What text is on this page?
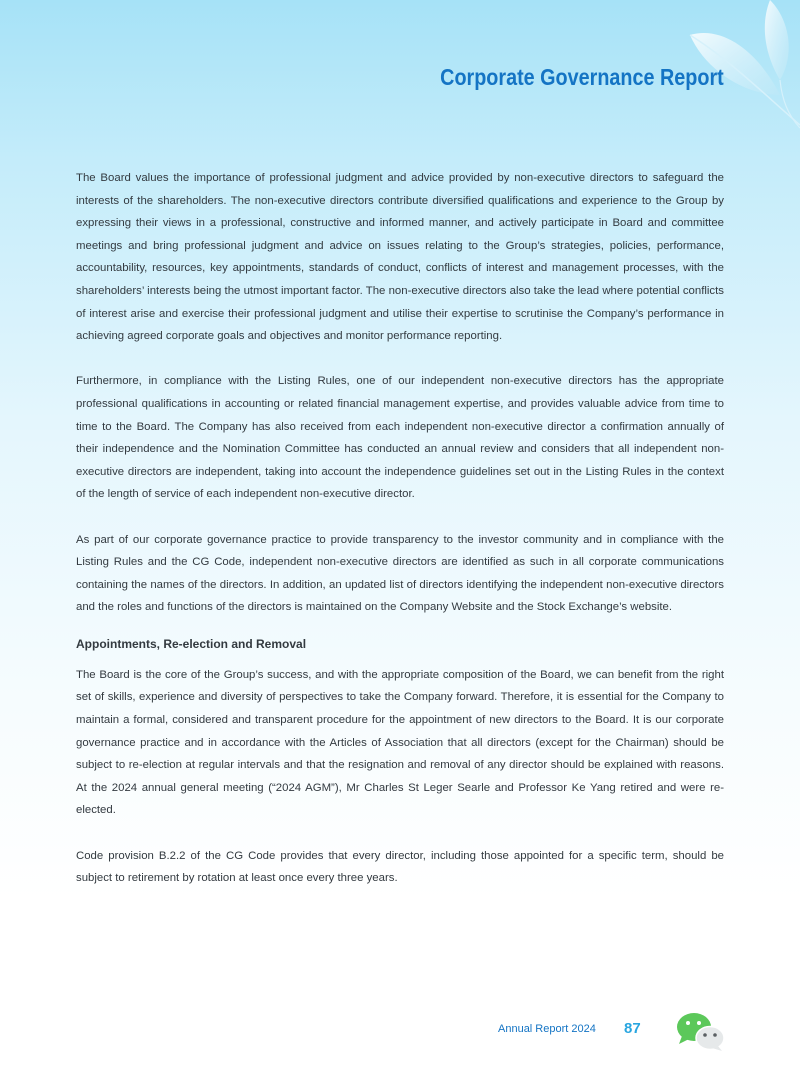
Corporate Governance Report

The Board values the importance of professional judgment and advice provided by non-executive directors to safeguard the interests of the shareholders. The non-executive directors contribute diversified qualifications and experience to the Group by expressing their views in a professional, constructive and informed manner, and actively participate in Board and committee meetings and bring professional judgment and advice on issues relating to the Group’s strategies, policies, performance, accountability, resources, key appointments, standards of conduct, conflicts of interest and management processes, with the shareholders’ interests being the utmost important factor. The non-executive directors also take the lead where potential conflicts of interest arise and exercise their professional judgment and utilise their expertise to scrutinise the Company’s performance in achieving agreed corporate goals and objectives and monitor performance reporting.

Furthermore, in compliance with the Listing Rules, one of our independent non-executive directors has the appropriate professional qualifications in accounting or related financial management expertise, and provides valuable advice from time to time to the Board. The Company has also received from each independent non-executive director a confirmation annually of their independence and the Nomination Committee has conducted an annual review and considers that all independent non-executive directors are independent, taking into account the independence guidelines set out in the Listing Rules in the context of the length of service of each independent non-executive director.

As part of our corporate governance practice to provide transparency to the investor community and in compliance with the Listing Rules and the CG Code, independent non-executive directors are identified as such in all corporate communications containing the names of the directors. In addition, an updated list of directors identifying the independent non-executive directors and the roles and functions of the directors is maintained on the Company Website and the Stock Exchange’s website.

Appointments, Re-election and Removal

The Board is the core of the Group’s success, and with the appropriate composition of the Board, we can benefit from the right set of skills, experience and diversity of perspectives to take the Company forward. Therefore, it is essential for the Company to maintain a formal, considered and transparent procedure for the appointment of new directors to the Board. It is our corporate governance practice and in accordance with the Articles of Association that all directors (except for the Chairman) should be subject to re-election at regular intervals and that the resignation and removal of any director should be explained with reasons. At the 2024 annual general meeting (“2024 AGM”), Mr Charles St Leger Searle and Professor Ke Yang retired and were re-elected.

Code provision B.2.2 of the CG Code provides that every director, including those appointed for a specific term, should be subject to retirement by rotation at least once every three years.

Annual Report 2024 87
